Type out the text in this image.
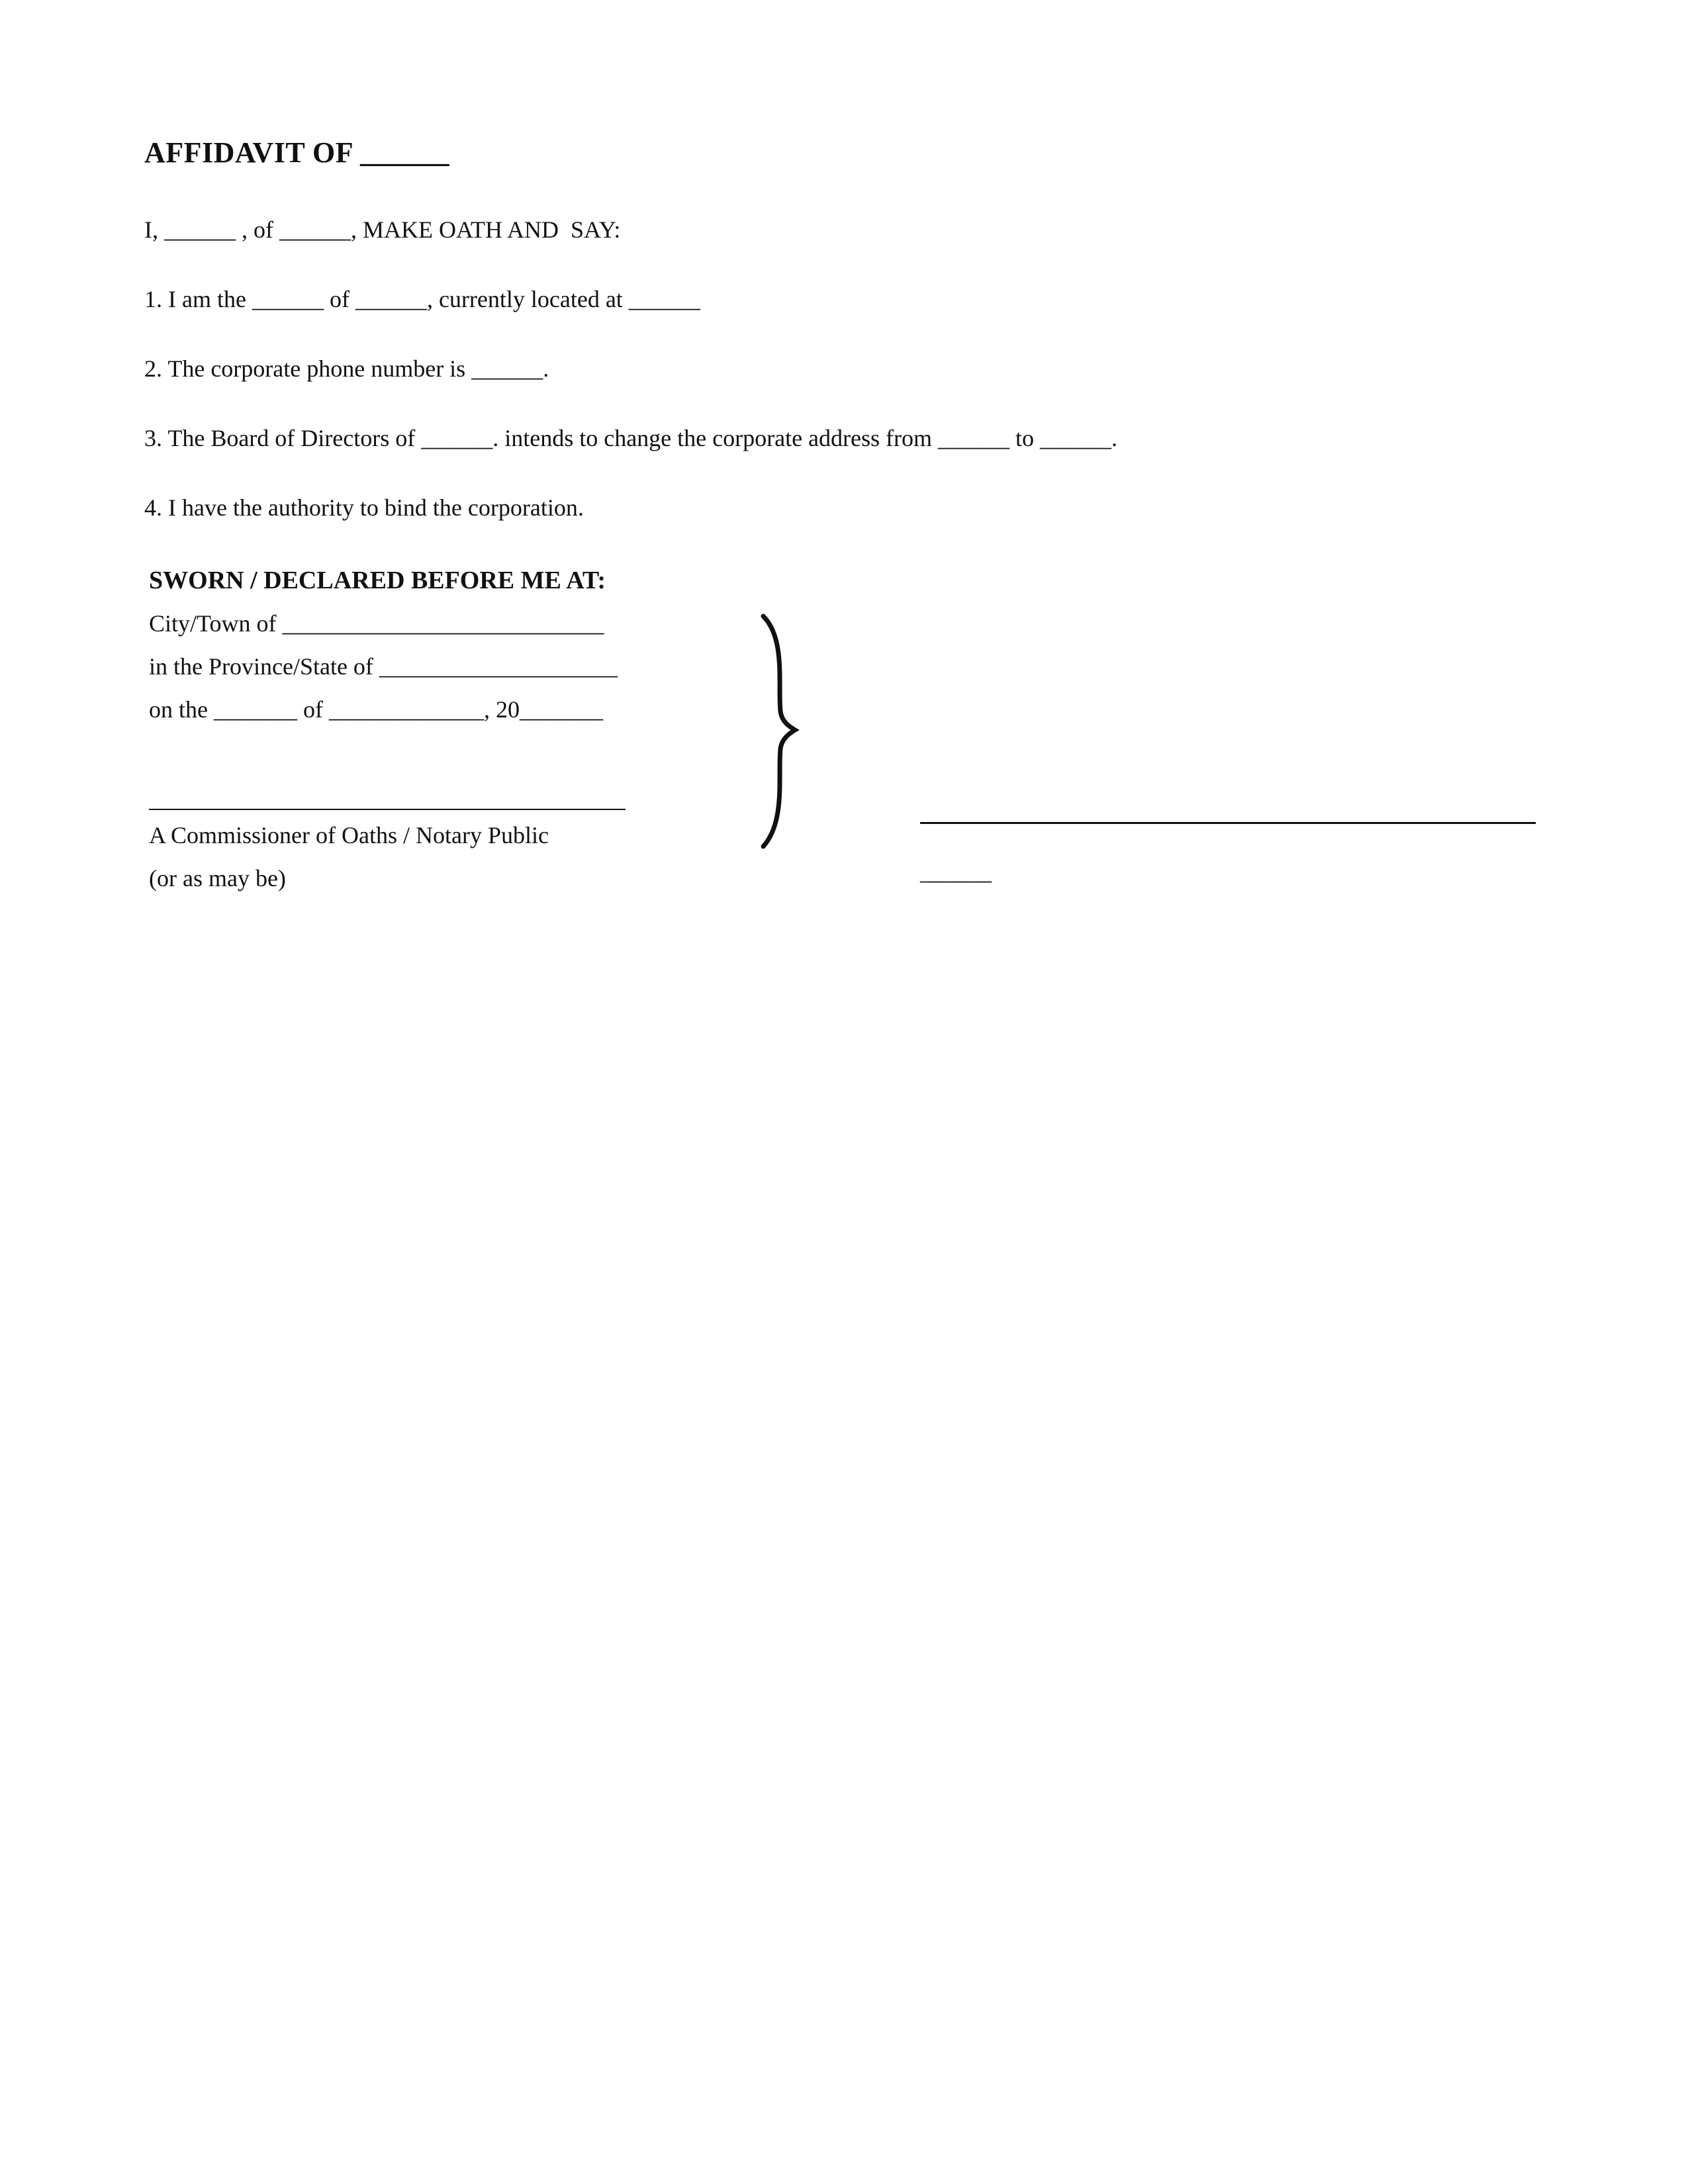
AFFIDAVIT OF ______
I, ______ , of ______, MAKE OATH AND  SAY:
1. I am the ______ of ______, currently located at ______
2. The corporate phone number is ______.
3. The Board of Directors of ______. intends to change the corporate address from ______ to ______.
4. I have the authority to bind the corporation.
SWORN / DECLARED BEFORE ME AT:
City/Town of ___________________________
in the Province/State of ____________________
on the _______ of _____________, 20_______
A Commissioner of Oaths / Notary Public
(or as may be)	______
